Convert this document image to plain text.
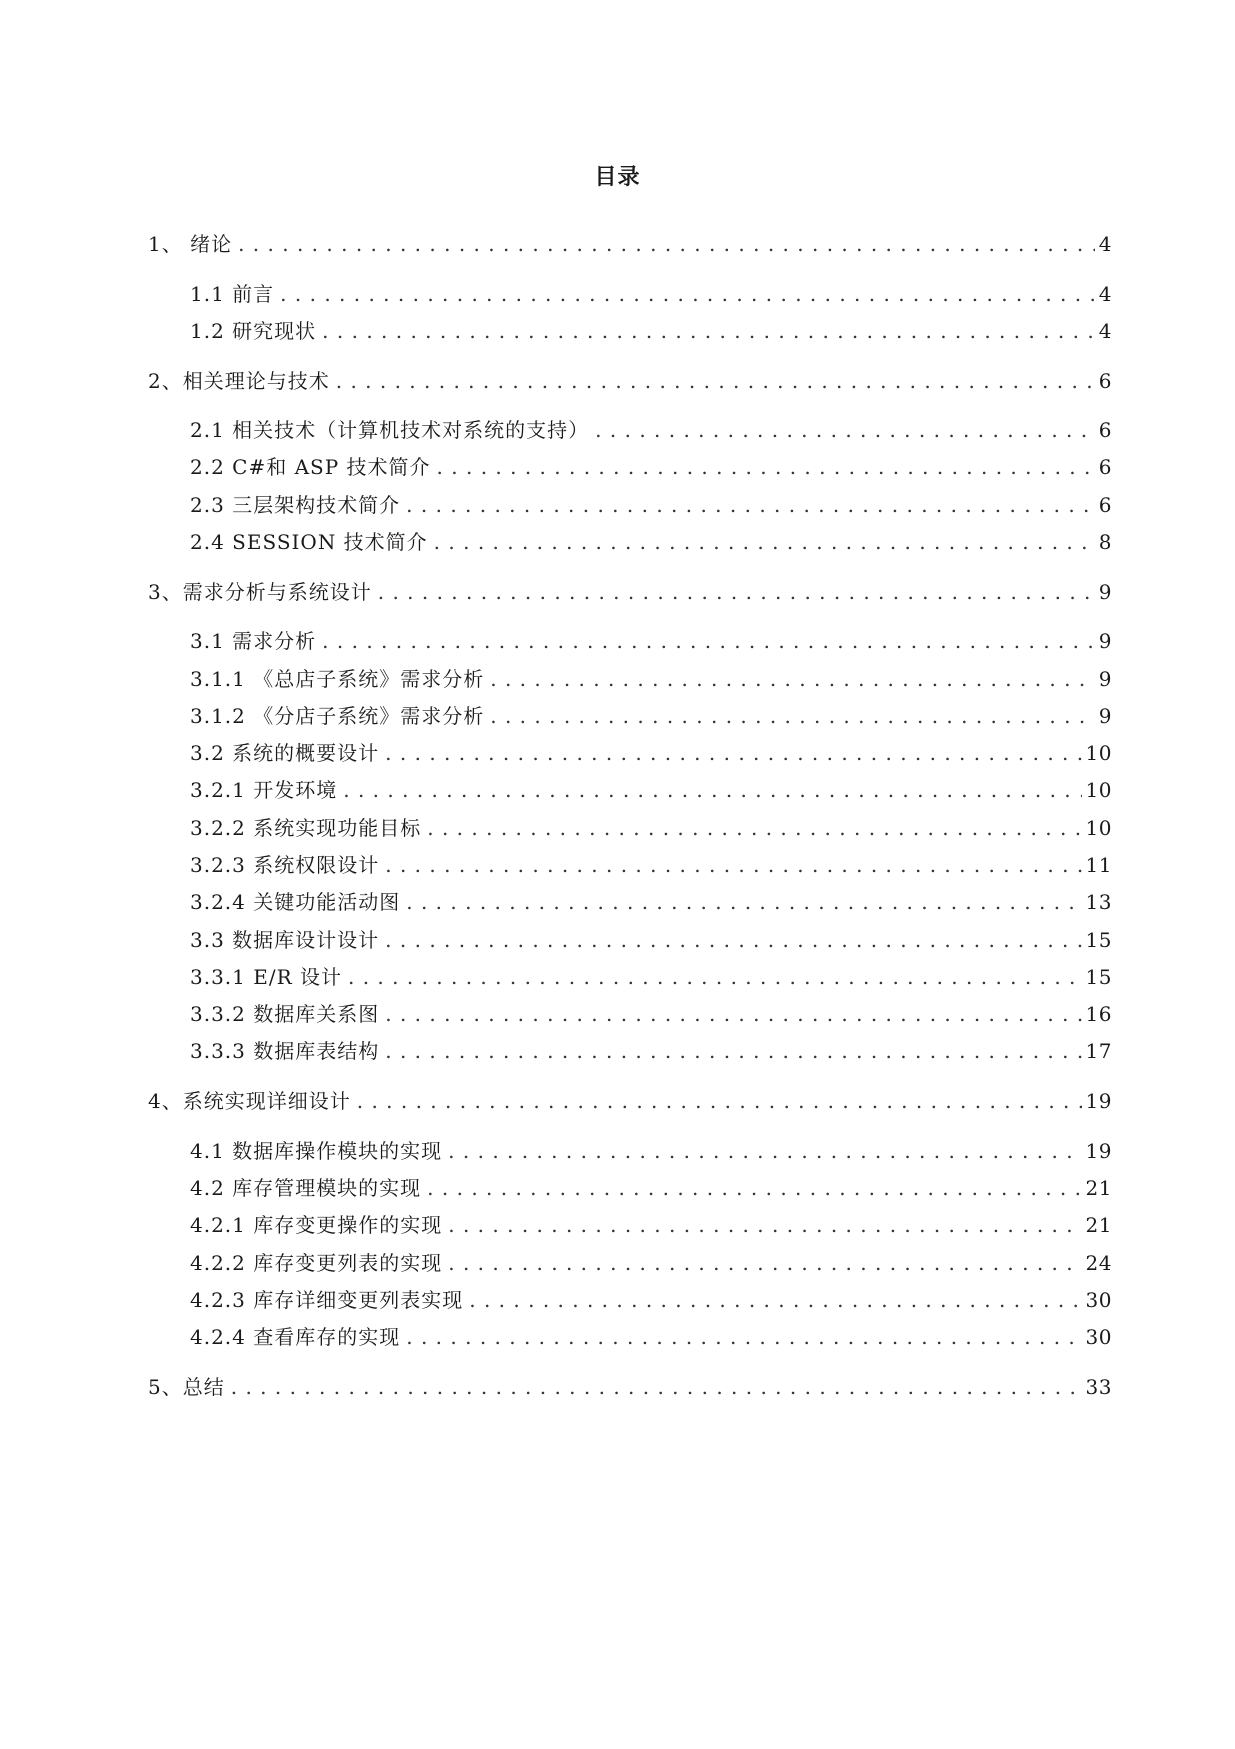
目录
1、 绪论 . . .	4
1.1 前言 . . .	4
1.2 研究现状 . . .	4
2、相关理论与技术 . . .	6
2.1 相关技术（计算机技术对系统的支持） . . .	6
2.2 C#和 ASP 技术简介 . . .	6
2.3 三层架构技术简介 . . .	6
2.4 SESSION 技术简介 . . .	8
3、需求分析与系统设计 . . .	9
3.1 需求分析 . . .	9
3.1.1 《总店子系统》需求分析 . . .	9
3.1.2 《分店子系统》需求分析 . . .	9
3.2 系统的概要设计 . . .	10
3.2.1 开发环境 . . .	10
3.2.2 系统实现功能目标 . . .	10
3.2.3 系统权限设计 . . .	11
3.2.4 关键功能活动图 . . .	13
3.3 数据库设计设计 . . .	15
3.3.1 E/R 设计 . . .	15
3.3.2 数据库关系图 . . .	16
3.3.3 数据库表结构 . . .	17
4、系统实现详细设计 . . .	19
4.1 数据库操作模块的实现 . . .	19
4.2 库存管理模块的实现 . . .	21
4.2.1 库存变更操作的实现 . . .	21
4.2.2 库存变更列表的实现 . . .	24
4.2.3 库存详细变更列表实现 . . .	30
4.2.4 查看库存的实现 . . .	30
5、总结 . . .	33
